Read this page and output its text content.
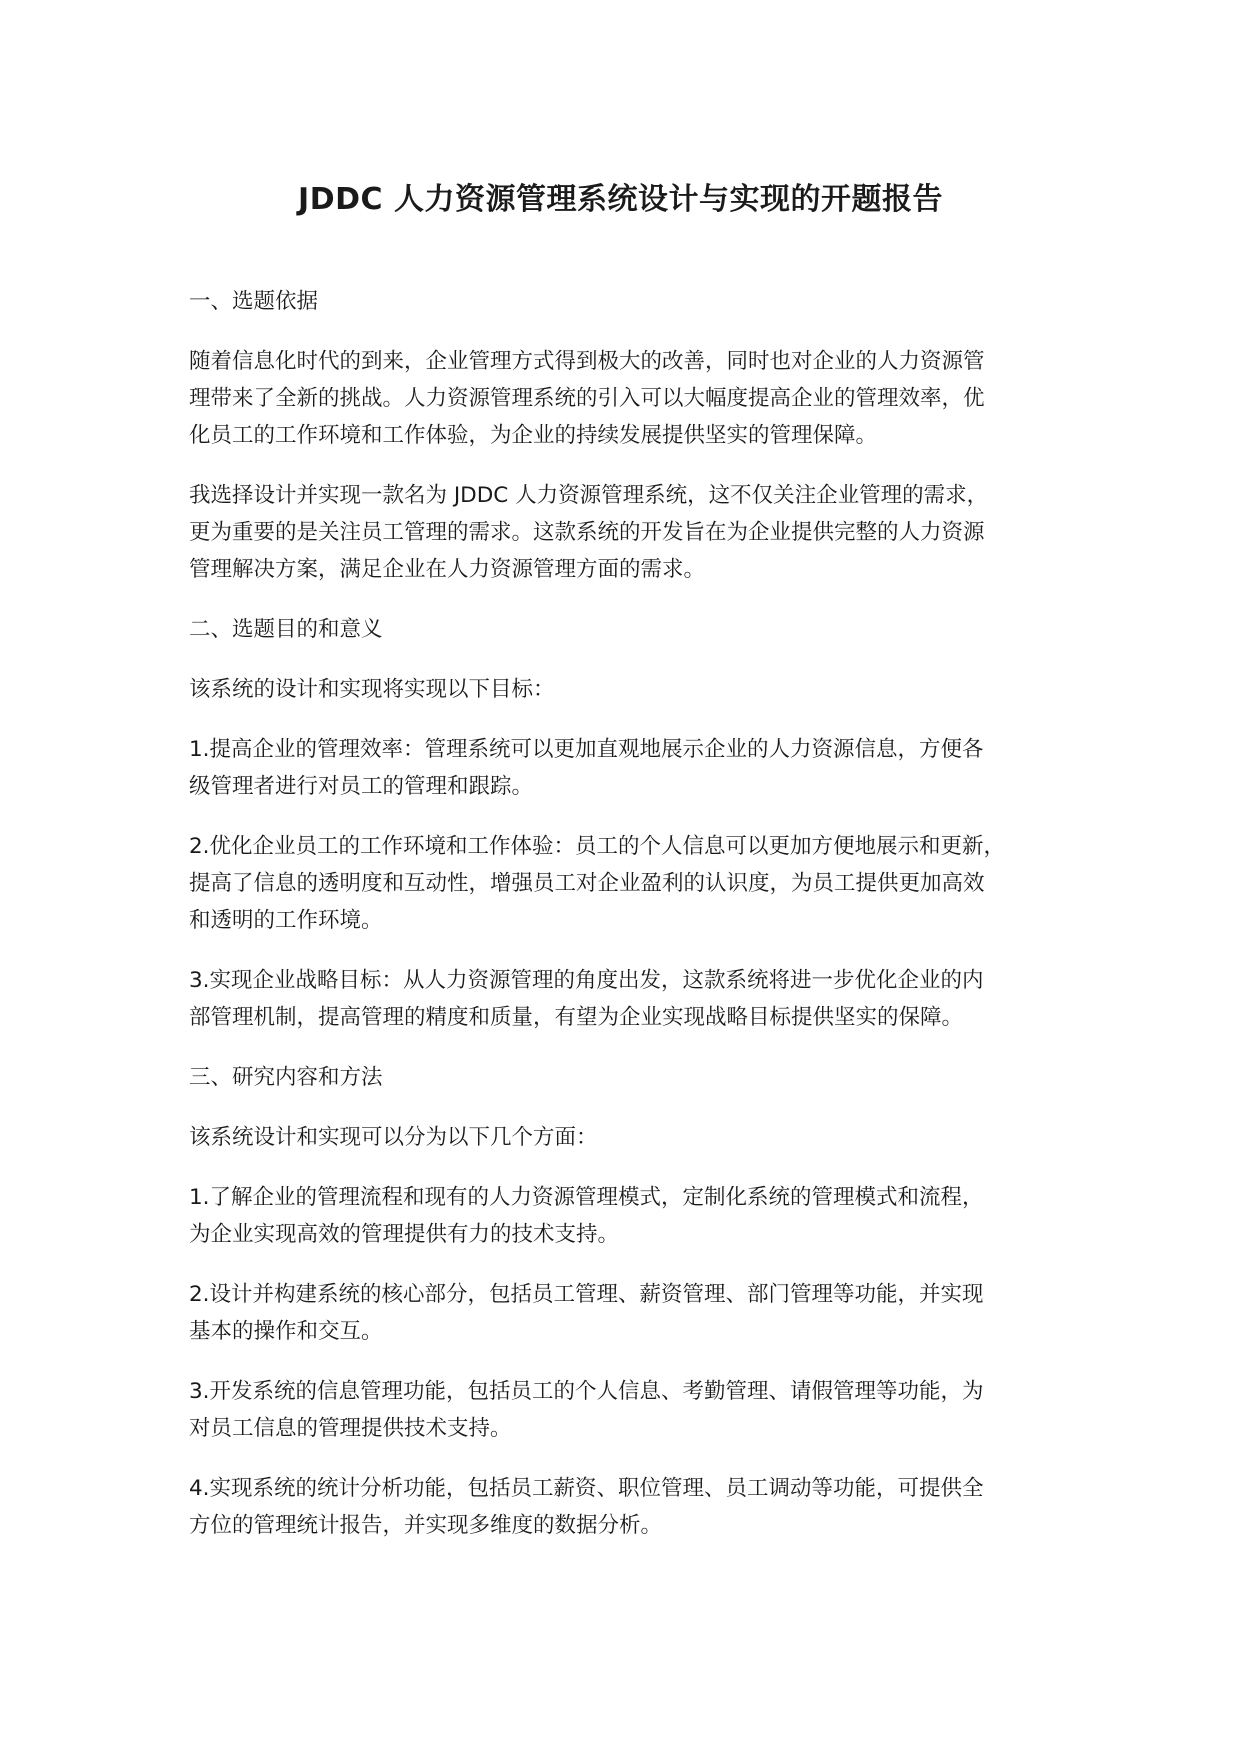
JDDC 人力资源管理系统设计与实现的开题报告

一、选题依据

随着信息化时代的到来，企业管理方式得到极大的改善，同时也对企业的人力资源管
理带来了全新的挑战。人力资源管理系统的引入可以大幅度提高企业的管理效率，优
化员工的工作环境和工作体验，为企业的持续发展提供坚实的管理保障。

我选择设计并实现一款名为 JDDC 人力资源管理系统，这不仅关注企业管理的需求，
更为重要的是关注员工管理的需求。这款系统的开发旨在为企业提供完整的人力资源
管理解决方案，满足企业在人力资源管理方面的需求。

二、选题目的和意义

该系统的设计和实现将实现以下目标：

1.提高企业的管理效率：管理系统可以更加直观地展示企业的人力资源信息，方便各
级管理者进行对员工的管理和跟踪。

2.优化企业员工的工作环境和工作体验：员工的个人信息可以更加方便地展示和更新，
提高了信息的透明度和互动性，增强员工对企业盈利的认识度，为员工提供更加高效
和透明的工作环境。

3.实现企业战略目标：从人力资源管理的角度出发，这款系统将进一步优化企业的内
部管理机制，提高管理的精度和质量，有望为企业实现战略目标提供坚实的保障。

三、研究内容和方法

该系统设计和实现可以分为以下几个方面：

1.了解企业的管理流程和现有的人力资源管理模式，定制化系统的管理模式和流程，
为企业实现高效的管理提供有力的技术支持。

2.设计并构建系统的核心部分，包括员工管理、薪资管理、部门管理等功能，并实现
基本的操作和交互。

3.开发系统的信息管理功能，包括员工的个人信息、考勤管理、请假管理等功能，为
对员工信息的管理提供技术支持。

4.实现系统的统计分析功能，包括员工薪资、职位管理、员工调动等功能，可提供全
方位的管理统计报告，并实现多维度的数据分析。
